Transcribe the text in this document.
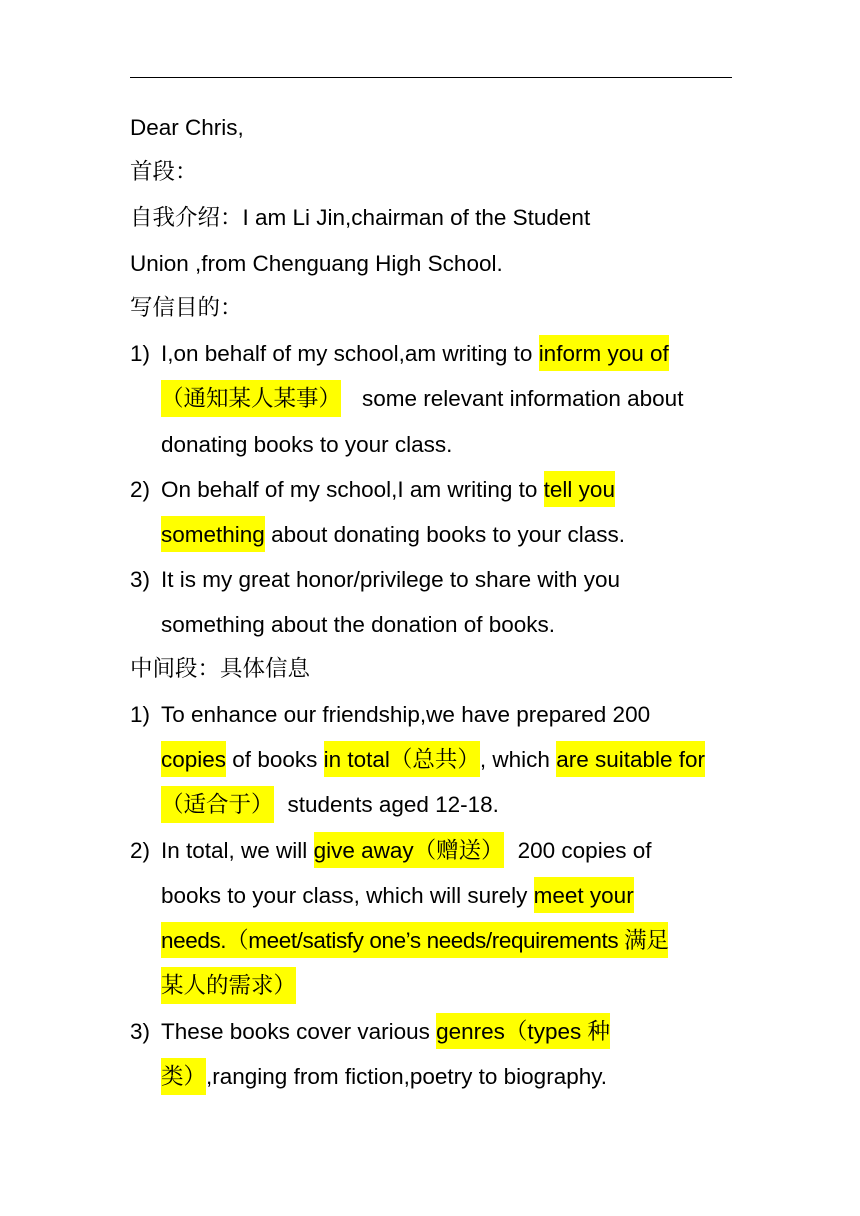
Dear Chris,
首段：
自我介绍：I am Li Jin,chairman of the Student
Union ,from Chenguang High School.
写信目的：
1) I,on behalf of my school,am writing to inform you of
（通知某人某事） some relevant information about
donating books to your class.
2) On behalf of my school,I am writing to tell you
something about donating books to your class.
3) It is my great honor/privilege to share with you
something about the donation of books.
中间段：具体信息
1) To enhance our friendship,we have prepared 200
copies of books in total（总共）, which are suitable for
（适合于） students aged 12-18.
2) In total, we will give away（赠送） 200 copies of
books to your class, which will surely meet your
needs.（meet/satisfy one’s needs/requirements 满足
某人的需求）
3) These books cover various genres（types 种
类）,ranging from fiction,poetry to biography.
